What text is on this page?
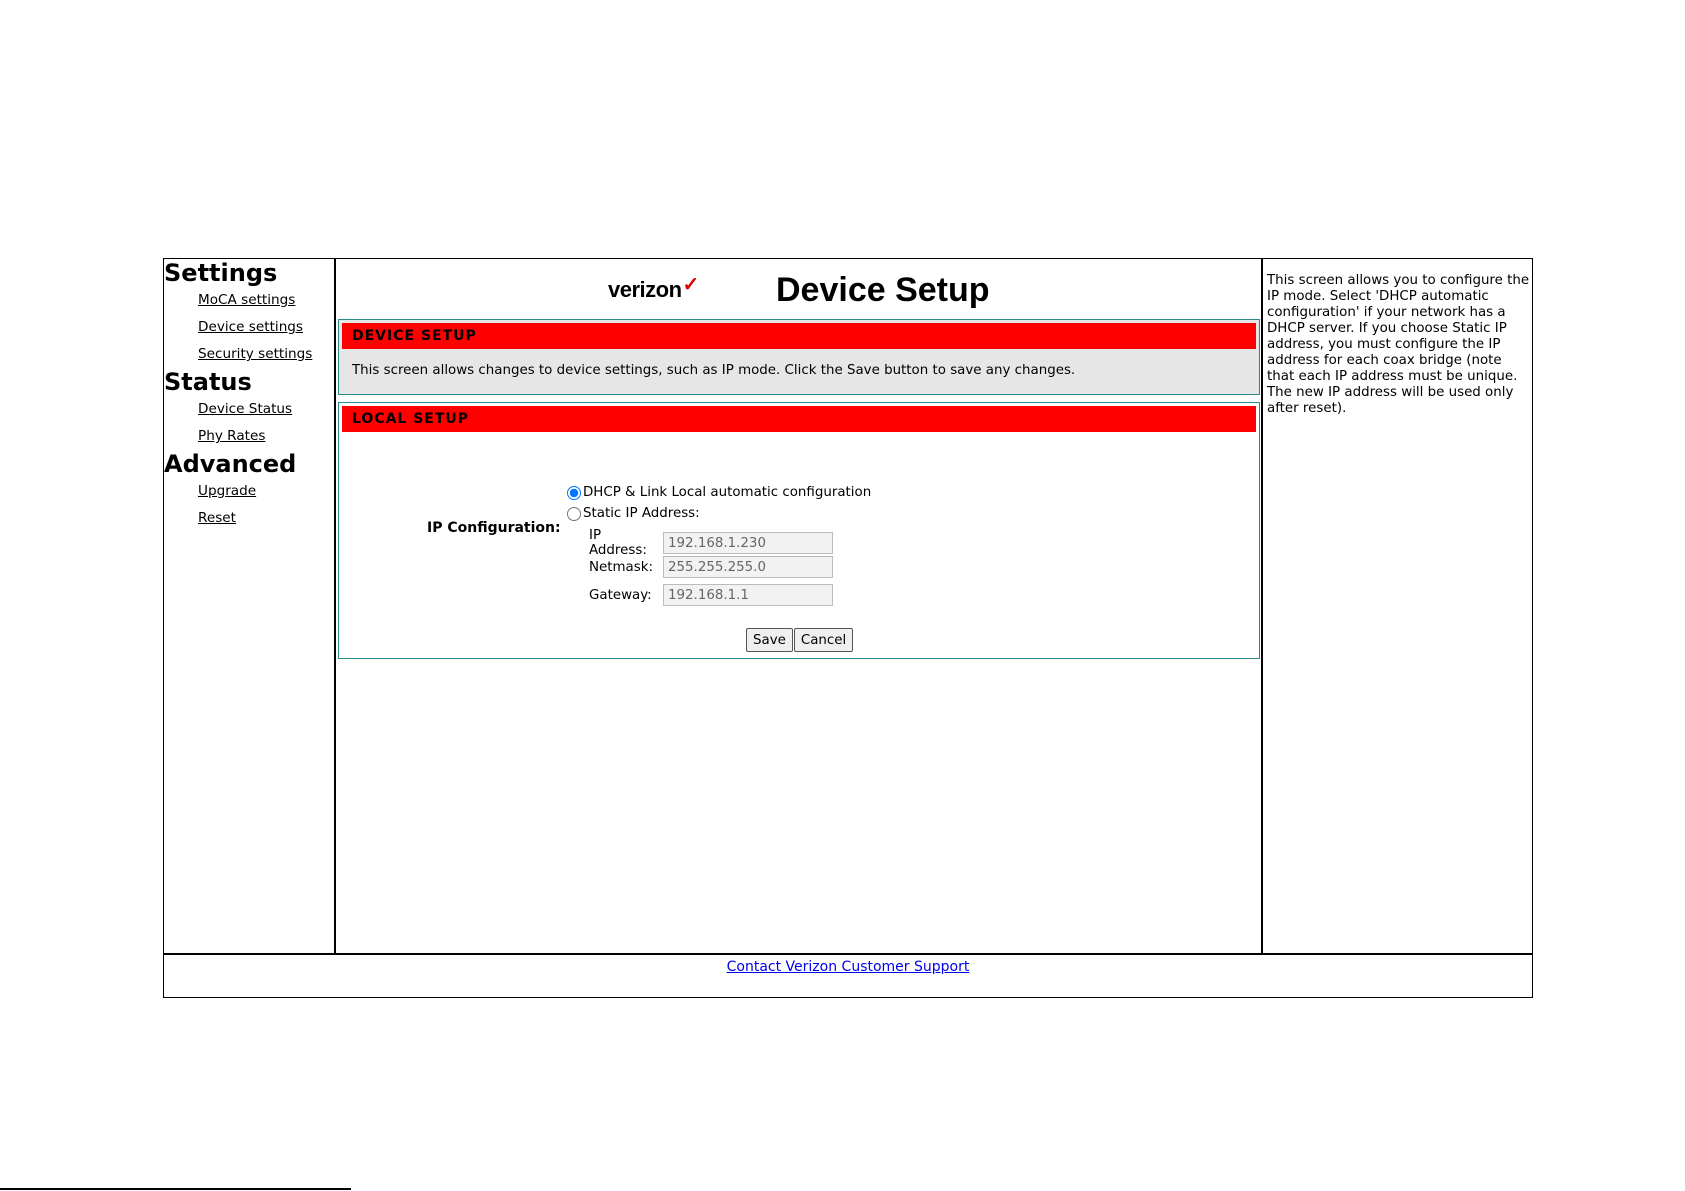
Settings
MoCA settings
Device settings
Security settings
Status
Device Status
Phy Rates
Advanced
Upgrade
Reset
verizon✓ Device Setup
DEVICE SETUP
This screen allows changes to device settings, such as IP mode. Click the Save button to save any changes.
LOCAL SETUP
IP Configuration:
DHCP & Link Local automatic configuration
Static IP Address:
IP Address:
192.168.1.230
Netmask:
255.255.255.0
Gateway:
192.168.1.1
Save	Cancel
This screen allows you to configure the IP mode. Select 'DHCP automatic configuration' if your network has a DHCP server. If you choose Static IP address, you must configure the IP address for each coax bridge (note that each IP address must be unique. The new IP address will be used only after reset).
Contact Verizon Customer Support
